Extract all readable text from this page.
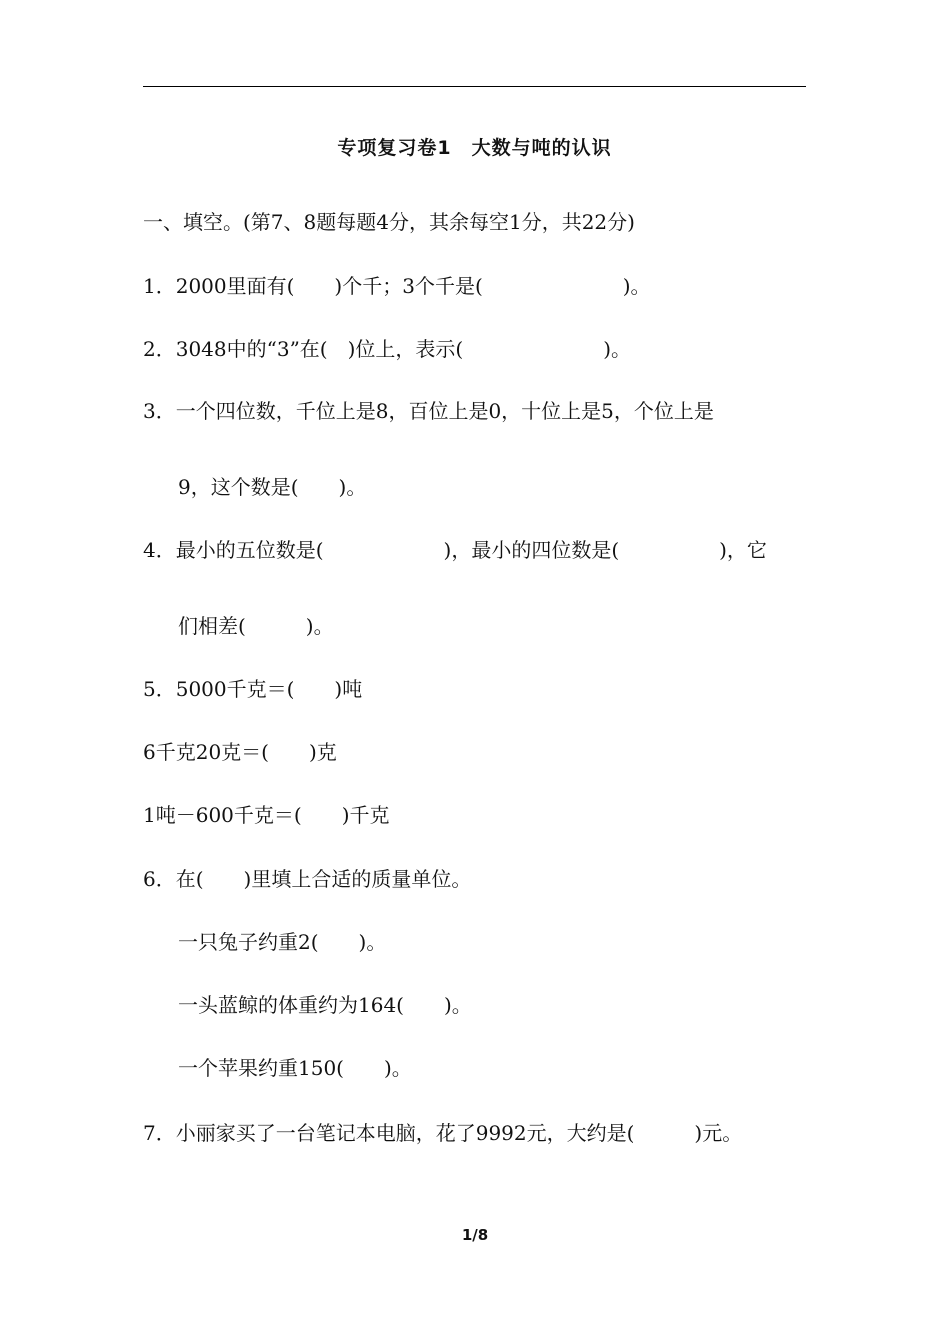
专项复习卷1　大数与吨的认识
一、填空。(第7、8题每题4分，其余每空1分，共22分)
1．2000里面有(　　)个千；3个千是(　　　　　　　)。
2．3048中的“3”在(　)位上，表示(　　　　　　　)。
3．一个四位数，千位上是8，百位上是0，十位上是5，个位上是
9，这个数是(　　)。
4．最小的五位数是(　　　　　　)，最小的四位数是(　　　　　)，它
们相差(　　　)。
5．5000千克＝(　　)吨
6千克20克＝(　　)克
1吨－600千克＝(　　)千克
6．在(　　)里填上合适的质量单位。
一只兔子约重2(　　)。
一头蓝鲸的体重约为164(　　)。
一个苹果约重150(　　)。
7．小丽家买了一台笔记本电脑，花了9992元，大约是(　　　)元。
1/8
